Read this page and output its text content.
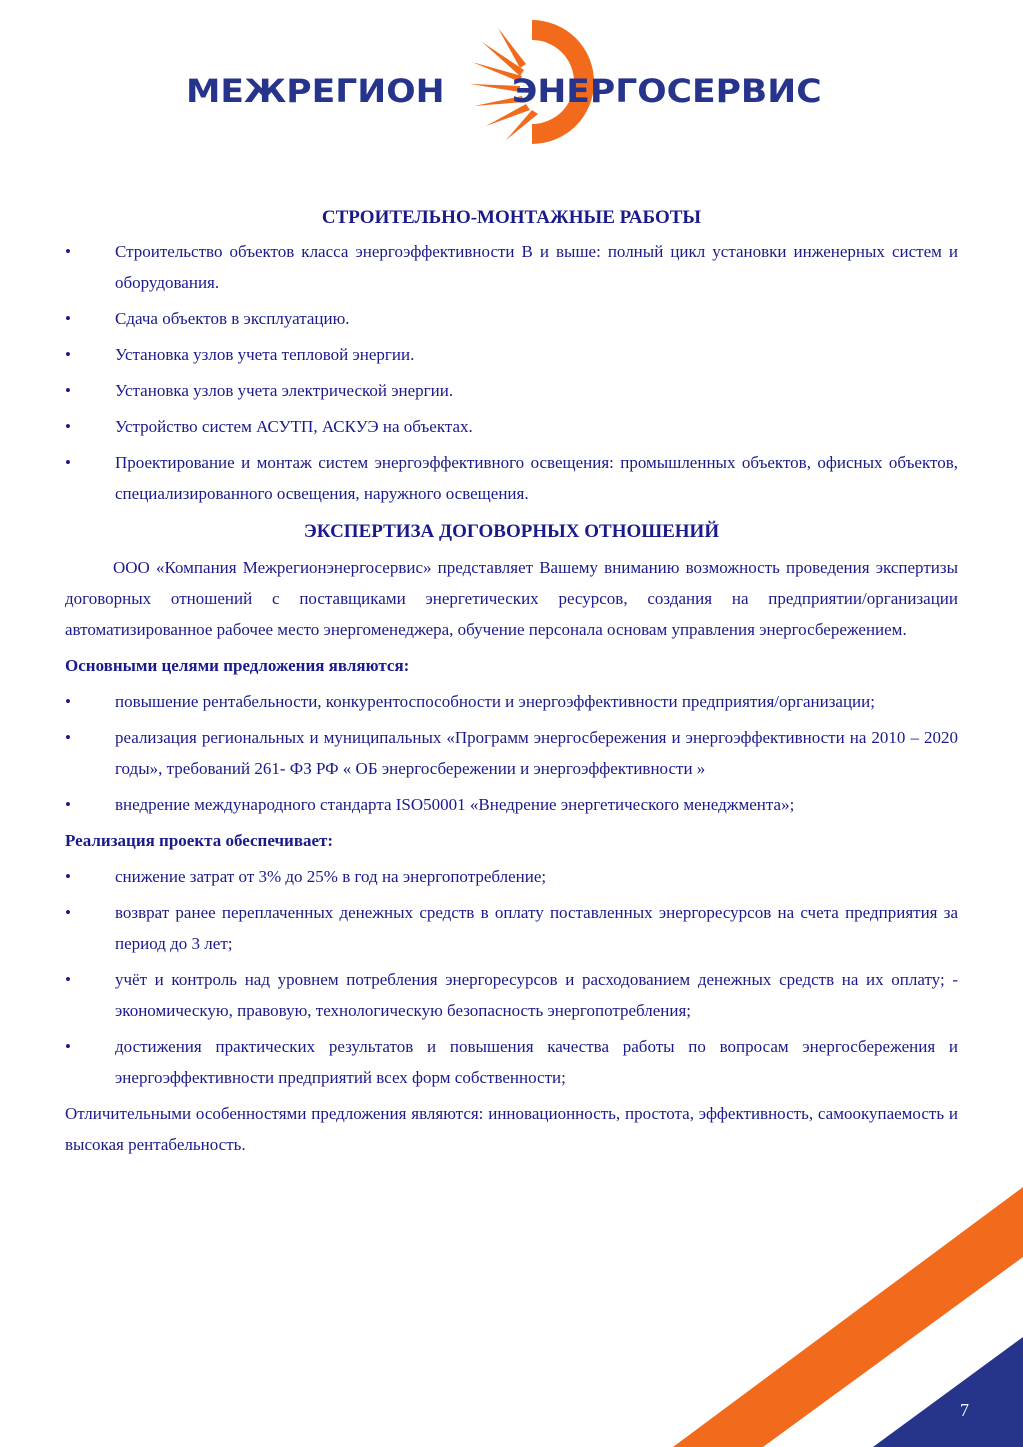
МЕЖРЕГИОН ЭНЕРГОСЕРВИС
СТРОИТЕЛЬНО-МОНТАЖНЫЕ РАБОТЫ
•	Строительство объектов класса энергоэффективности В и выше: полный цикл установки инженерных систем и оборудования.
•	Сдача объектов в эксплуатацию.
•	Установка узлов учета тепловой энергии.
•	Установка узлов учета электрической энергии.
•	Устройство систем АСУТП, АСКУЭ на объектах.
•	Проектирование и монтаж систем энергоэффективного освещения: промышленных объектов, офисных объектов, специализированного освещения, наружного освещения.
ЭКСПЕРТИЗА ДОГОВОРНЫХ ОТНОШЕНИЙ

ООО «Компания Межрегионэнергосервис» представляет Вашему вниманию возможность проведения экспертизы договорных отношений с поставщиками энергетических ресурсов, создания на предприятии/организации автоматизированное рабочее место энергоменеджера, обучение персонала основам управления энергосбережением.

Основными целями предложения являются:

•	повышение рентабельности, конкурентоспособности и энергоэффективности предприятия/организации;
•	реализация региональных и муниципальных «Программ энергосбережения и энергоэффективности на 2010 – 2020 годы», требований 261- ФЗ РФ « ОБ энергосбережении и энергоэффективности »
•	внедрение международного стандарта ISO50001 «Внедрение энергетического менеджмента»;

Реализация проекта обеспечивает:

•	снижение затрат от 3% до 25% в год на энергопотребление;
•	возврат ранее переплаченных денежных средств в оплату поставленных энергоресурсов на счета предприятия за период до 3 лет;
•	учёт и контроль над уровнем потребления энергоресурсов и расходованием денежных средств на их оплату; - экономическую, правовую, технологическую безопасность энергопотребления;
•	достижения практических результатов и повышения качества работы по вопросам энергосбережения и энергоэффективности предприятий всех форм собственности;

Отличительными особенностями предложения являются: инновационность, простота, эффективность, самоокупаемость и высокая рентабельность.

7
